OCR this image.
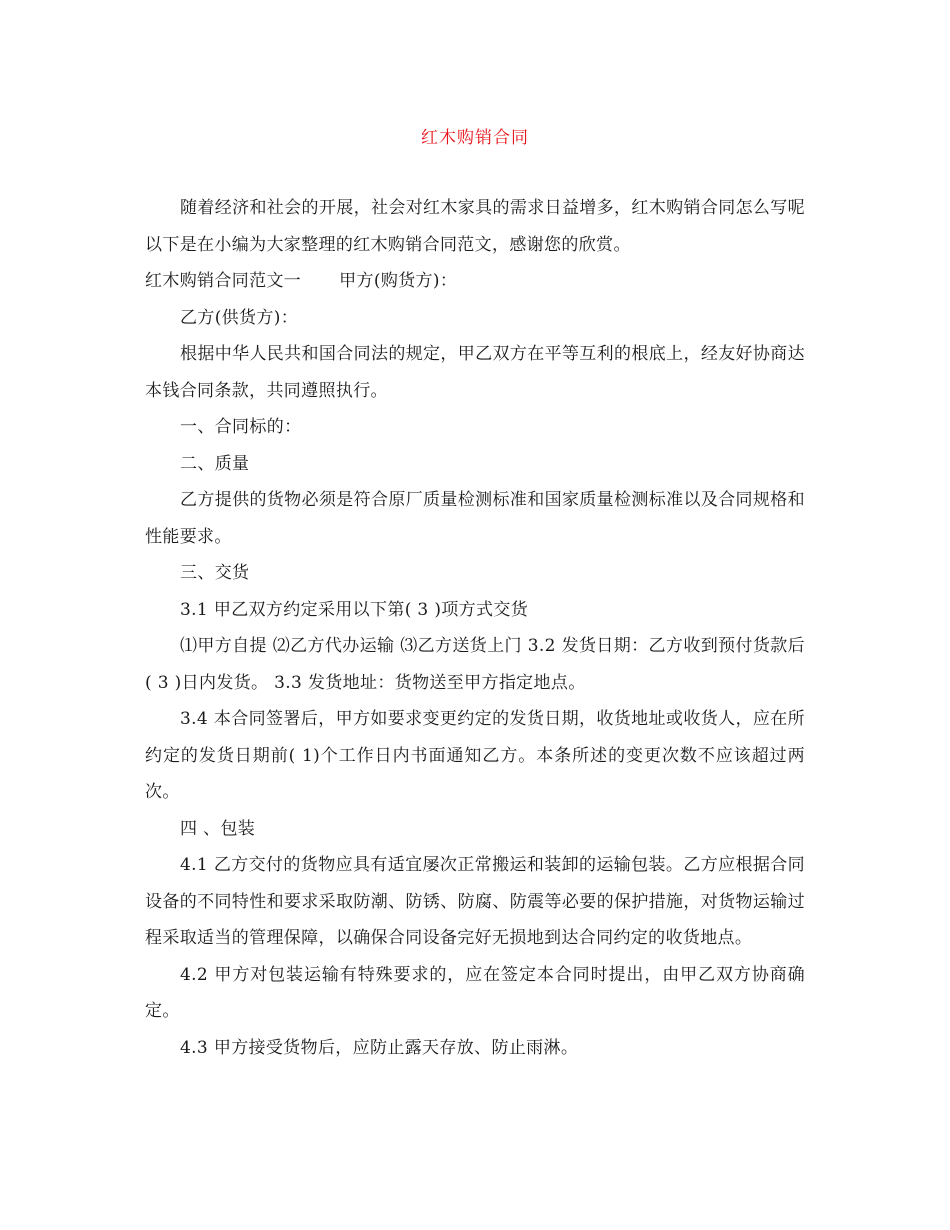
红木购销合同

随着经济和社会的开展，社会对红木家具的需求日益增多，红木购销合同怎么写呢以下是在小编为大家整理的红木购销合同范文，感谢您的欣赏。

红木购销合同范文一 甲方(购货方)：

乙方(供货方)：

根据中华人民共和国合同法的规定，甲乙双方在平等互利的根底上，经友好协商达本钱合同条款，共同遵照执行。

一、合同标的：

二、质量

乙方提供的货物必须是符合原厂质量检测标准和国家质量检测标准以及合同规格和性能要求。

三、交货

3.1 甲乙双方约定采用以下第( 3 )项方式交货

⑴甲方自提 ⑵乙方代办运输 ⑶乙方送货上门 3.2 发货日期：乙方收到预付货款后( 3 )日内发货。 3.3 发货地址：货物送至甲方指定地点。

3.4 本合同签署后，甲方如要求变更约定的发货日期，收货地址或收货人，应在所约定的发货日期前( 1)个工作日内书面通知乙方。本条所述的变更次数不应该超过两次。

四 、包装

4.1 乙方交付的货物应具有适宜屡次正常搬运和装卸的运输包装。乙方应根据合同设备的不同特性和要求采取防潮、防锈、防腐、防震等必要的保护措施，对货物运输过程采取适当的管理保障，以确保合同设备完好无损地到达合同约定的收货地点。

4.2 甲方对包装运输有特殊要求的，应在签定本合同时提出，由甲乙双方协商确定。

4.3 甲方接受货物后，应防止露天存放、防止雨淋。
